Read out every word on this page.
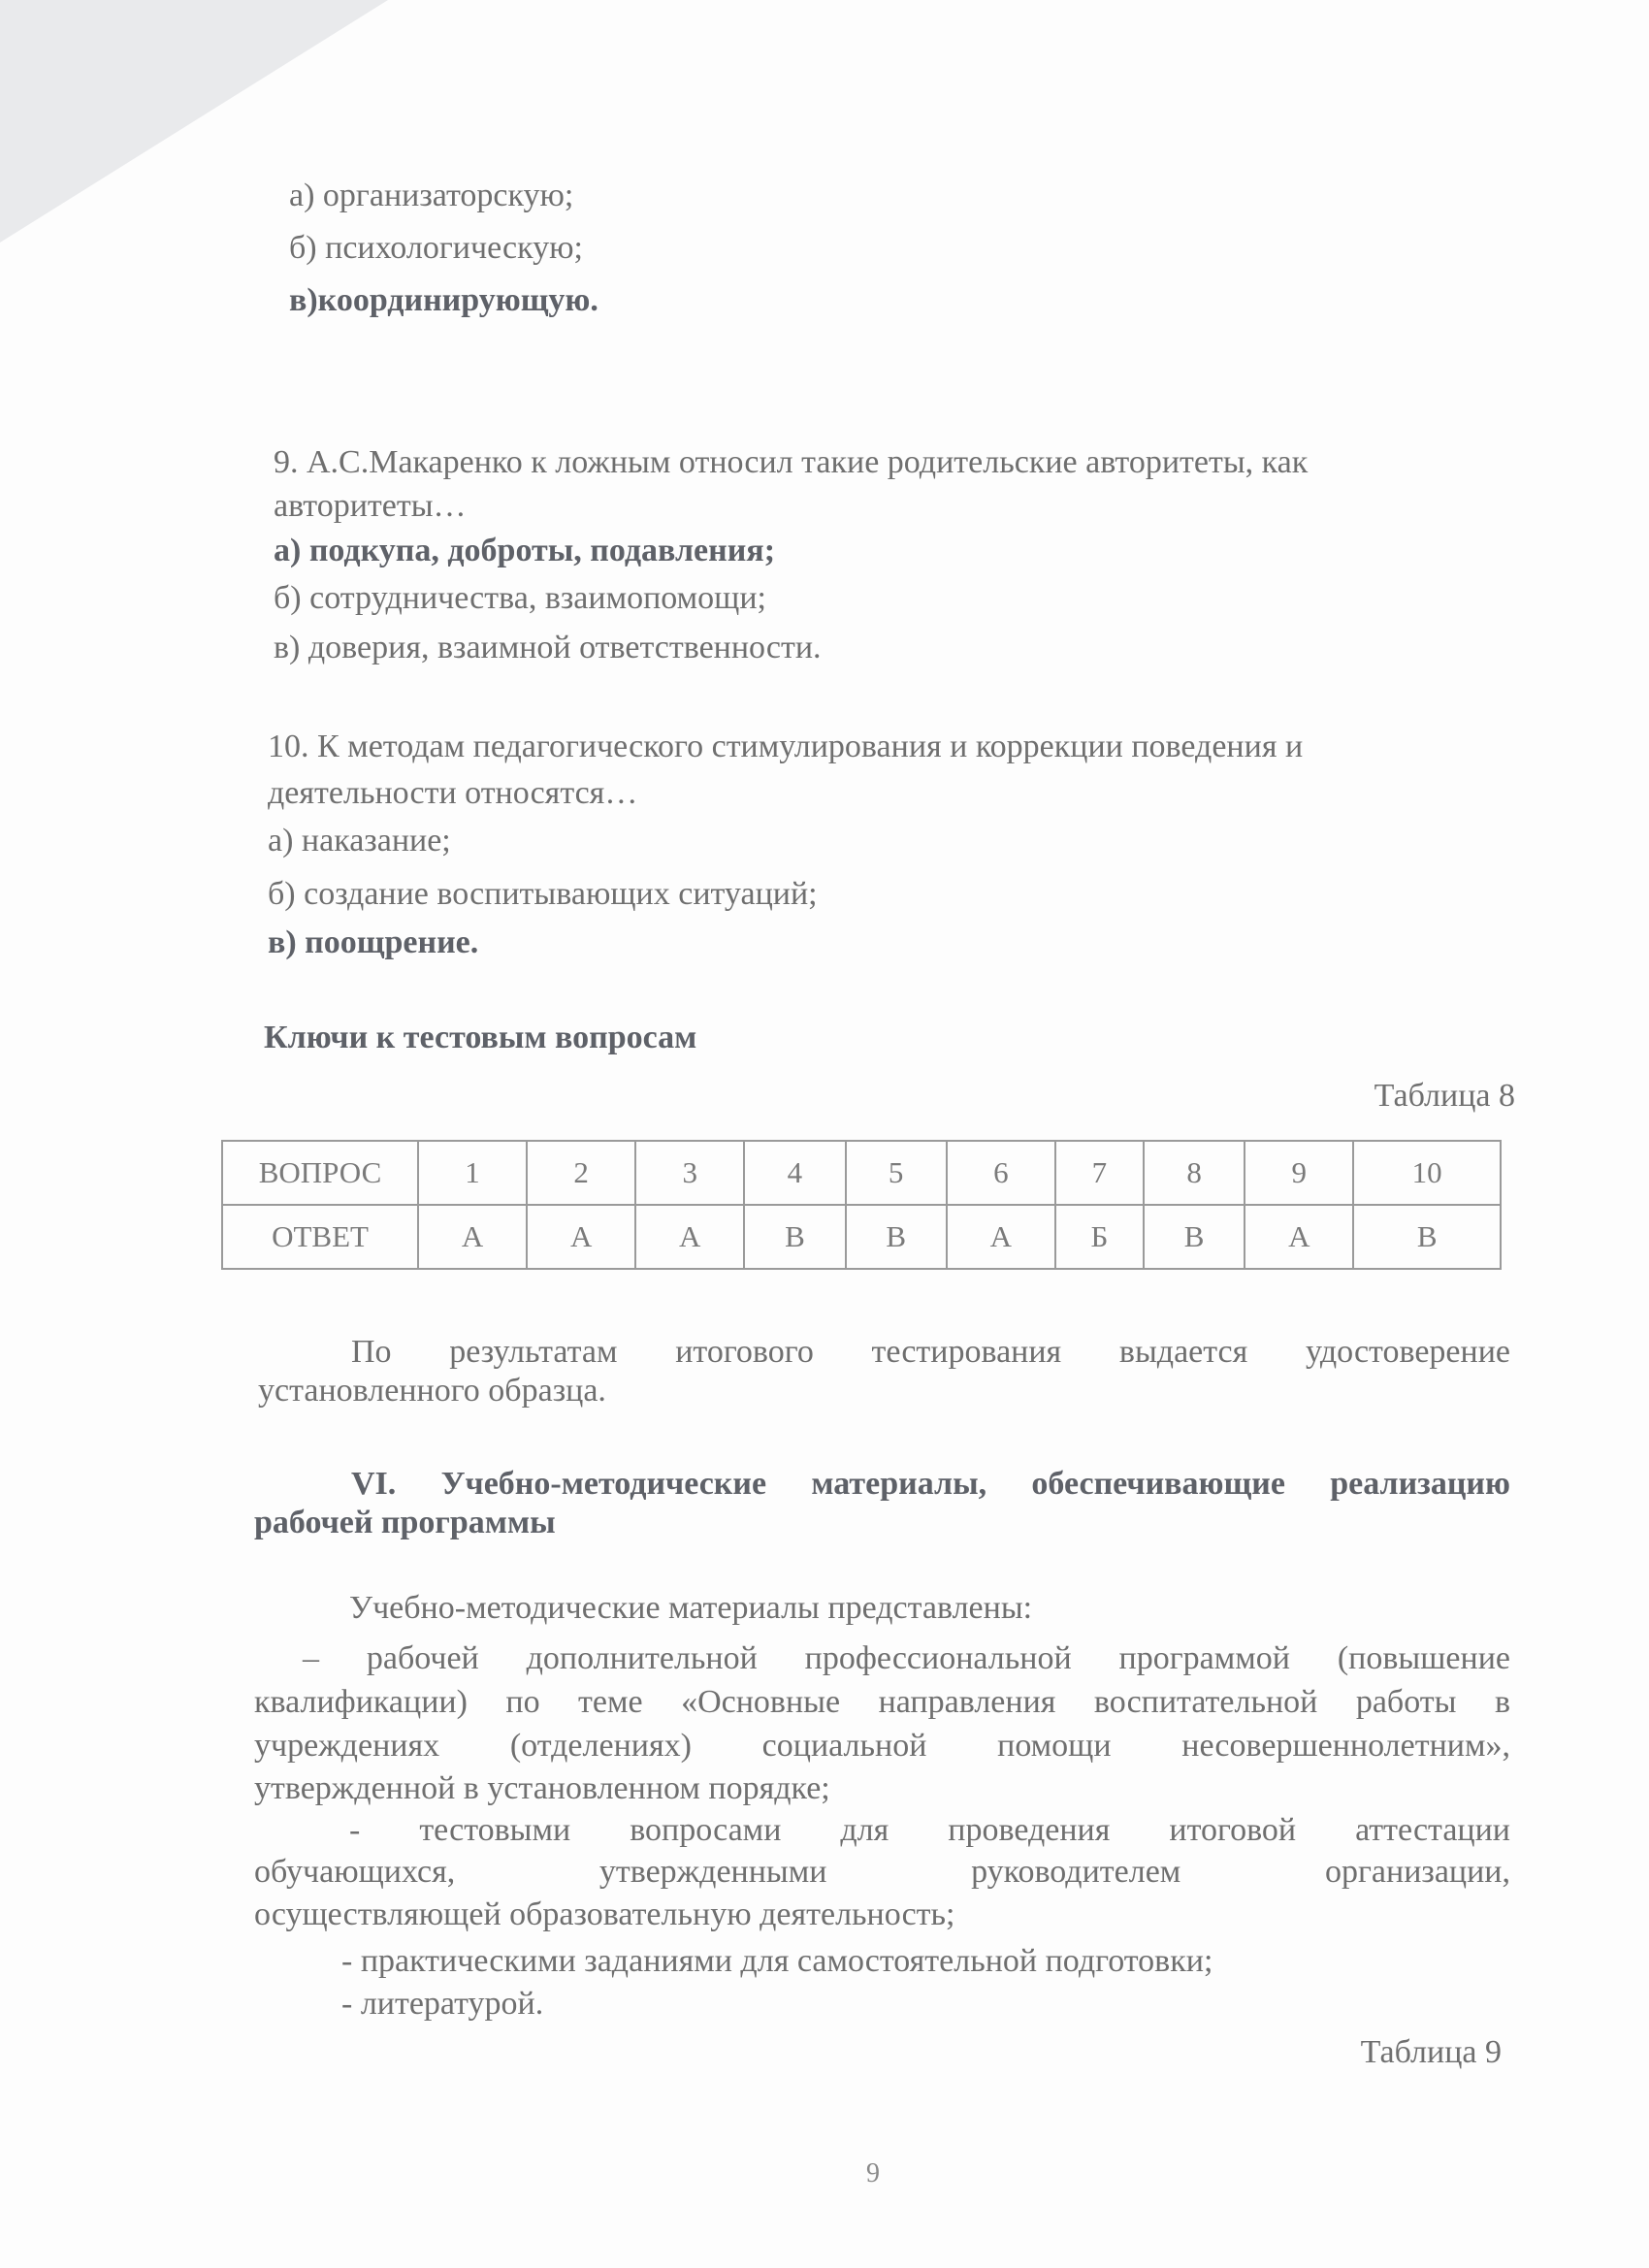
а) организаторскую;
б) психологическую;
в)координирующую.
9. А.С.Макаренко к ложным относил такие родительские авторитеты, как
авторитеты…
а) подкупа, доброты, подавления;
б) сотрудничества, взаимопомощи;
в) доверия, взаимной ответственности.
10. К методам педагогического стимулирования и коррекции поведения и
деятельности относятся…
а) наказание;
б) создание воспитывающих ситуаций;
в) поощрение.
Ключи к тестовым вопросам
Таблица 8
ВОПРОС	1	2	3	4	5	6	7	8	9	10
ОТВЕТ	А	А	А	В	В	А	Б	В	А	В
По результатам итогового тестирования выдается удостоверение
установленного образца.
VI. Учебно-методические материалы, обеспечивающие реализацию
рабочей программы
Учебно-методические материалы представлены:
– рабочей дополнительной профессиональной программой (повышение
квалификации) по теме «Основные направления воспитательной работы в
учреждениях (отделениях) социальной помощи несовершеннолетним»,
утвержденной в установленном порядке;
- тестовыми вопросами для проведения итоговой аттестации
обучающихся, утвержденными руководителем организации,
осуществляющей образовательную деятельность;
- практическими заданиями для самостоятельной подготовки;
- литературой.
Таблица 9
9
